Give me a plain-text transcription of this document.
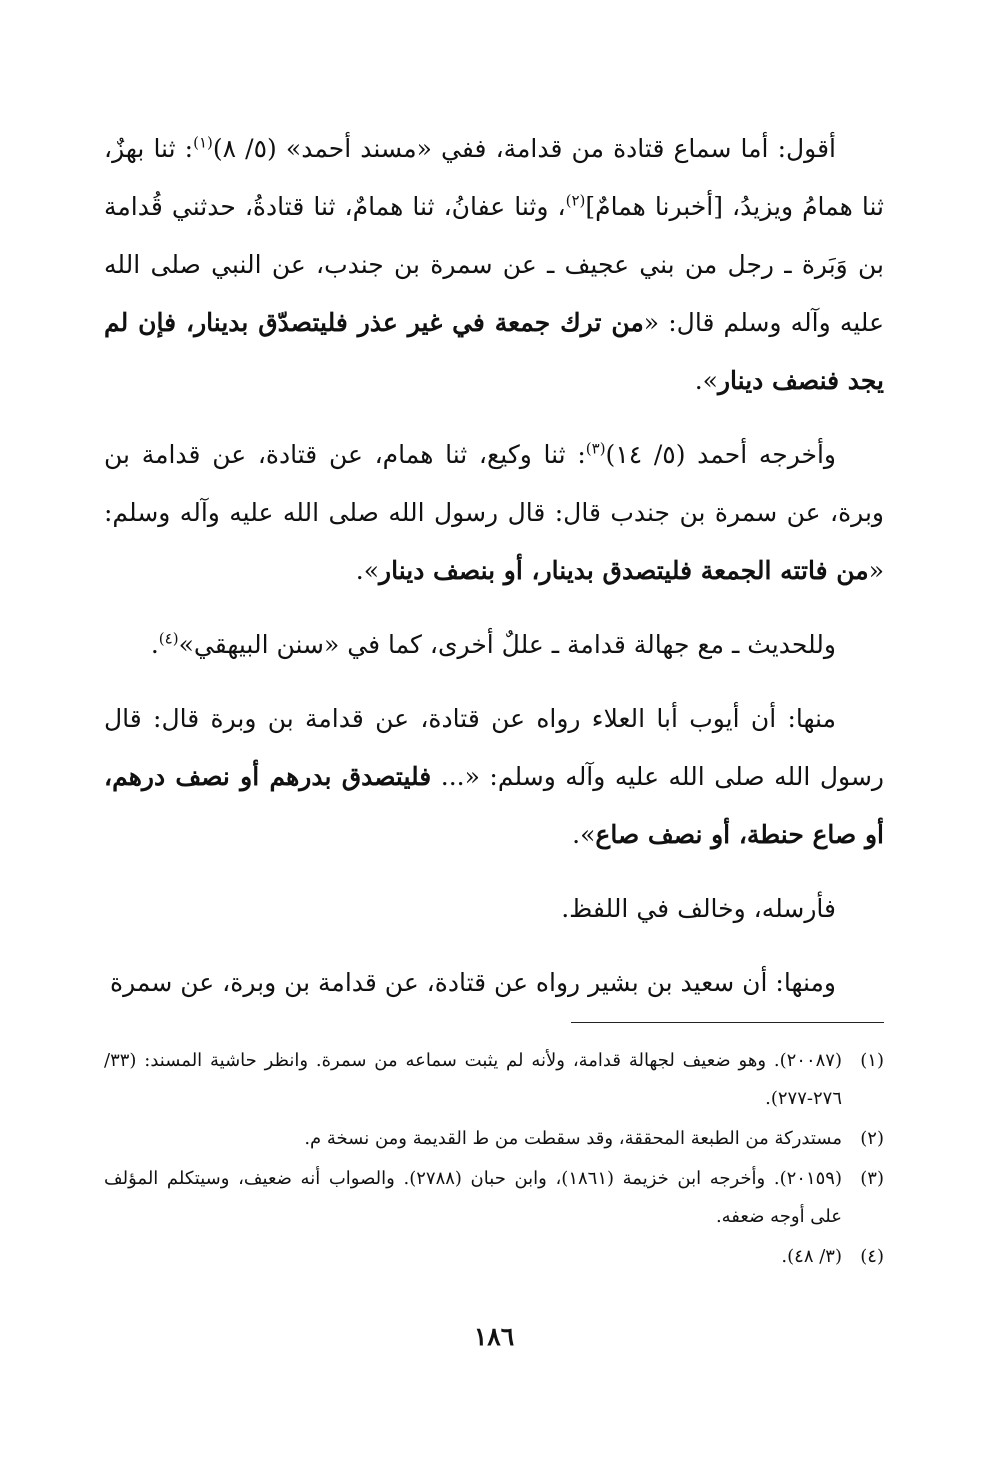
أقول: أما سماع قتادة من قدامة، ففي «مسند أحمد» (٥/ ٨)$^{(١)}$: ثنا بهزٌ، ثنا همامُ ويزيدُ، [أخبرنا همامٌ]$^{(٢)}$، وثنا عفانُ، ثنا همامٌ، ثنا قتادةُ، حدثني قُدامة بن وَبَرة ـ رجل من بني عجيف ـ عن سمرة بن جندب، عن النبي صلى الله عليه وآله وسلم قال: «من ترك جمعة في غير عذر فليتصدّق بدينار، فإن لم يجد فنصف دينار».

وأخرجه أحمد (٥/ ١٤)$^{(٣)}$: ثنا وكيع، ثنا همام، عن قتادة، عن قدامة بن وبرة، عن سمرة بن جندب قال: قال رسول الله صلى الله عليه وآله وسلم: «من فاتته الجمعة فليتصدق بدينار، أو بنصف دينار».

وللحديث ـ مع جهالة قدامة ـ عللٌ أخرى، كما في «سنن البيهقي»$^{(٤)}$.

منها: أن أيوب أبا العلاء رواه عن قتادة، عن قدامة بن وبرة قال: قال رسول الله صلى الله عليه وآله وسلم: «... فليتصدق بدرهم أو نصف درهم، أو صاع حنطة، أو نصف صاع».

فأرسله، وخالف في اللفظ.

ومنها: أن سعيد بن بشير رواه عن قتادة، عن قدامة بن وبرة، عن سمرة

(١)
(٢٠٠٨٧). وهو ضعيف لجهالة قدامة، ولأنه لم يثبت سماعه من سمرة. وانظر حاشية المسند: (٣٣/ ٢٧٦-٢٧٧).
(٢)
مستدركة من الطبعة المحققة، وقد سقطت من ط القديمة ومن نسخة م.
(٣)
(٢٠١٥٩). وأخرجه ابن خزيمة (١٨٦١)، وابن حبان (٢٧٨٨). والصواب أنه ضعيف، وسيتكلم المؤلف على أوجه ضعفه.
(٤)
(٣/ ٤٨).
١٨٦
